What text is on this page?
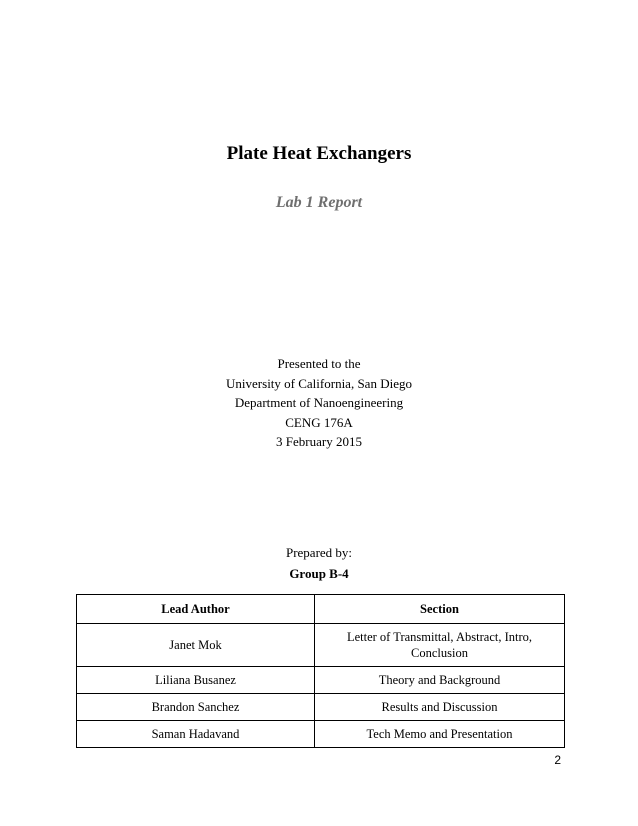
Plate Heat Exchangers
Lab 1 Report
Presented to the
University of California, San Diego
Department of Nanoengineering
CENG 176A
3 February 2015
Prepared by:
Group B-4
Lead Author	Section
Janet Mok	Letter of Transmittal, Abstract, Intro, Conclusion
Liliana Busanez	Theory and Background
Brandon Sanchez	Results and Discussion
Saman Hadavand	Tech Memo and Presentation
2
